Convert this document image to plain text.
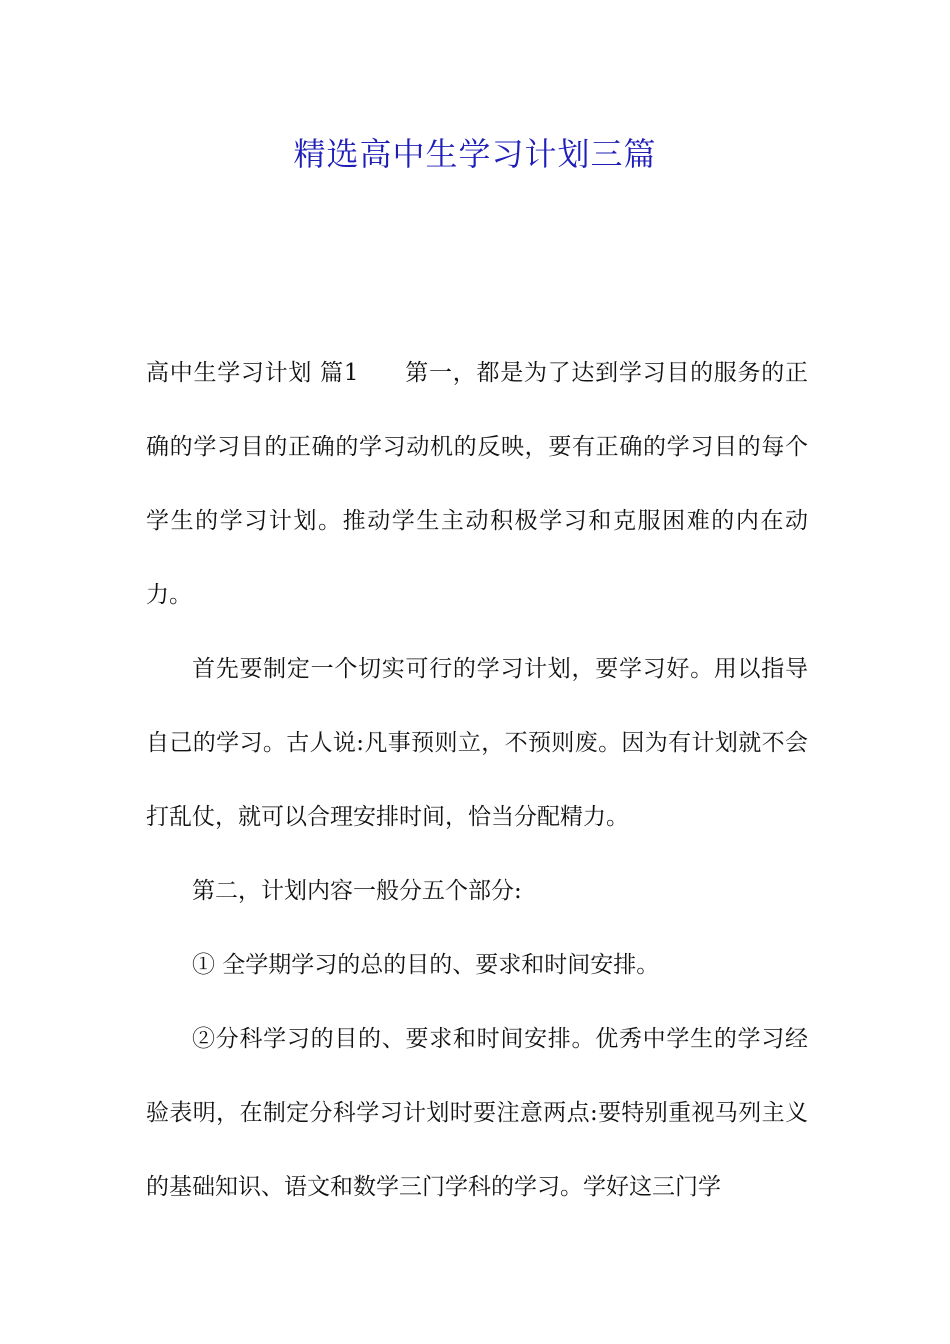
精选高中生学习计划三篇

高中生学习计划 篇1 第一，都是为了达到学习目的服务的正确的学习目的正确的学习动机的反映，要有正确的学习目的每个学生的学习计划。推动学生主动积极学习和克服困难的内在动力。

首先要制定一个切实可行的学习计划，要学习好。用以指导自己的学习。古人说:凡事预则立，不预则废。因为有计划就不会打乱仗，就可以合理安排时间，恰当分配精力。

第二，计划内容一般分五个部分:

① 全学期学习的总的目的、要求和时间安排。

②分科学习的目的、要求和时间安排。优秀中学生的学习经验表明，在制定分科学习计划时要注意两点:要特别重视马列主义的基础知识、语文和数学三门学科的学习。学好这三门学
